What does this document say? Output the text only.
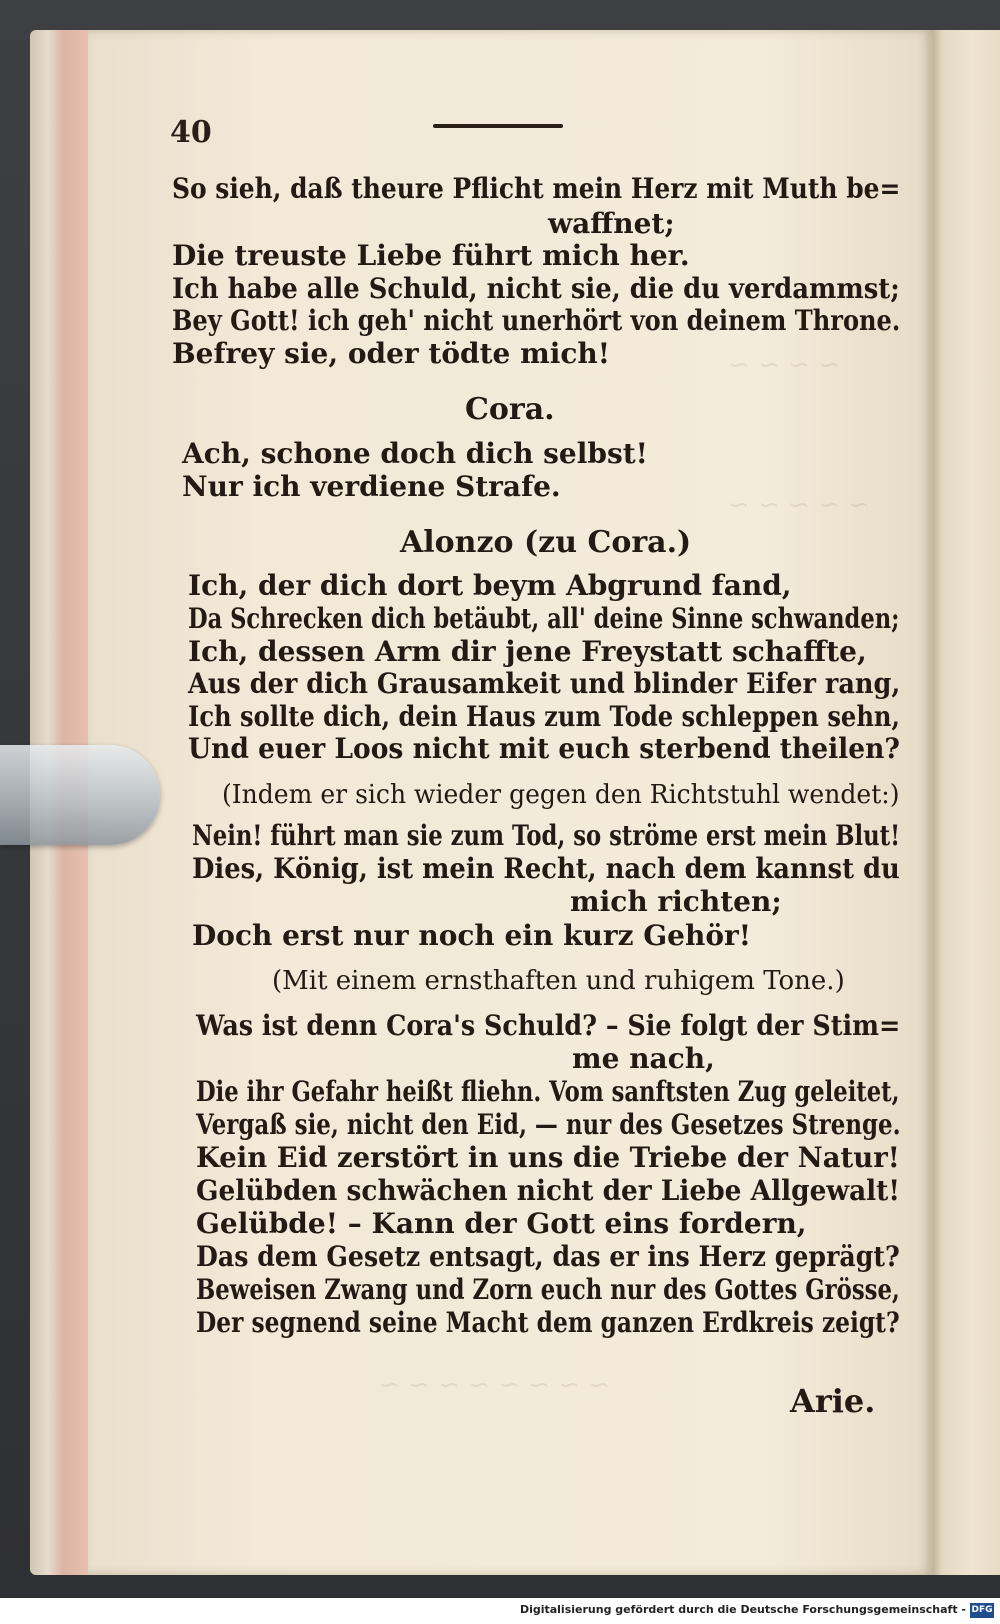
~ ~ ~ ~
~ ~ ~ ~ ~
~ ~ ~ ~ ~ ~ ~ ~
40
So sieh, daß theure Pflicht mein Herz mit Muth be=
waffnet;
Die treuste Liebe führt mich her.
Ich habe alle Schuld, nicht sie, die du verdammst;
Bey Gott! ich geh' nicht unerhört von deinem Throne.
Befrey sie, oder tödte mich!
Cora.
Ach, schone doch dich selbst!
Nur ich verdiene Strafe.
Alonzo (zu Cora.)
Ich, der dich dort beym Abgrund fand,
Da Schrecken dich betäubt, all' deine Sinne schwanden;
Ich, dessen Arm dir jene Freystatt schaffte,
Aus der dich Grausamkeit und blinder Eifer rang,
Ich sollte dich, dein Haus zum Tode schleppen sehn,
Und euer Loos nicht mit euch sterbend theilen?
(Indem er sich wieder gegen den Richtstuhl wendet:)
Nein! führt man sie zum Tod, so ströme erst mein Blut!
Dies, König, ist mein Recht, nach dem kannst du
mich richten;
Doch erst nur noch ein kurz Gehör!
(Mit einem ernsthaften und ruhigem Tone.)
Was ist denn Cora's Schuld? – Sie folgt der Stim=
me nach,
Die ihr Gefahr heißt fliehn. Vom sanftsten Zug geleitet,
Vergaß sie, nicht den Eid, — nur des Gesetzes Strenge.
Kein Eid zerstört in uns die Triebe der Natur!
Gelübden schwächen nicht der Liebe Allgewalt!
Gelübde! – Kann der Gott eins fordern,
Das dem Gesetz entsagt, das er ins Herz geprägt?
Beweisen Zwang und Zorn euch nur des Gottes Grösse,
Der segnend seine Macht dem ganzen Erdkreis zeigt?
Arie.
Digitalisierung gefördert durch die Deutsche Forschungsgemeinschaft - DFG
